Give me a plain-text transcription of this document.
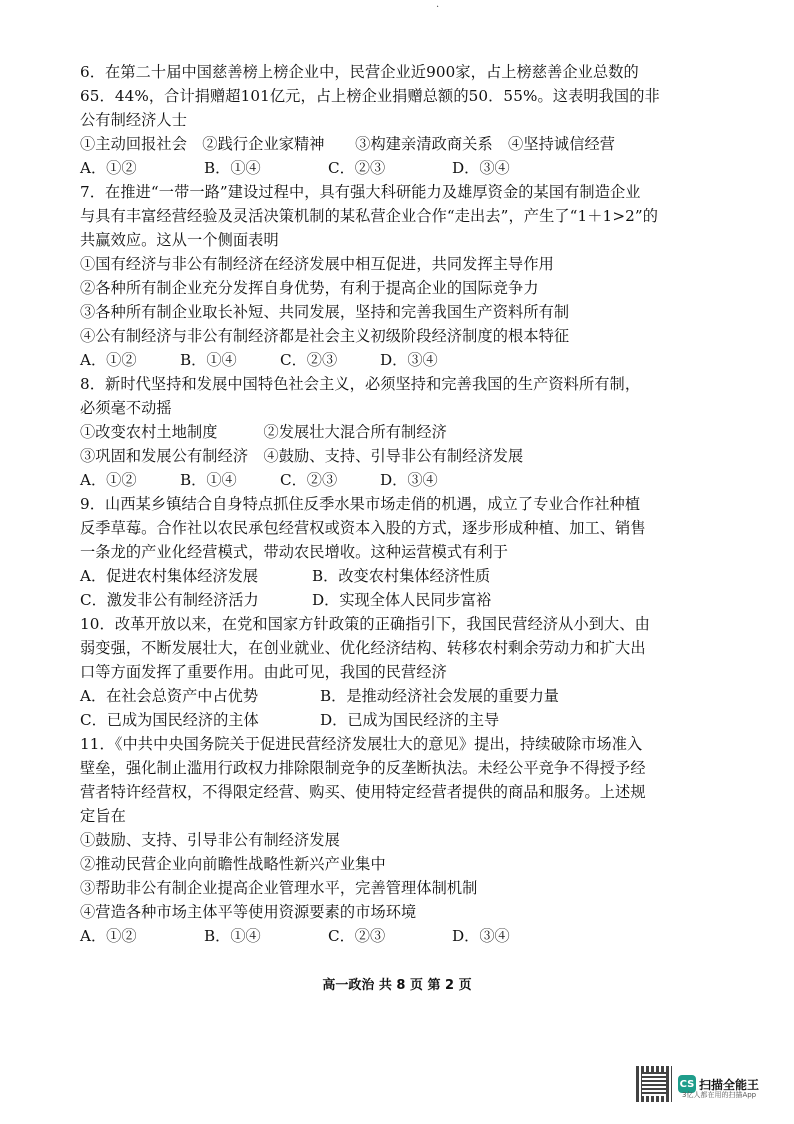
·
6．在第二十届中国慈善榜上榜企业中，民营企业近900家，占上榜慈善企业总数的
65．44%，合计捐赠超101亿元，占上榜企业捐赠总额的50．55%。这表明我国的非
公有制经济人士
①主动回报社会　②践行企业家精神　　③构建亲清政商关系　④坚持诚信经营
A．①②	B．①④	C．②③	D．③④
7．在推进“一带一路”建设过程中，具有强大科研能力及雄厚资金的某国有制造企业
与具有丰富经营经验及灵活决策机制的某私营企业合作“走出去”，产生了“1＋1>2”的
共赢效应。这从一个侧面表明
①国有经济与非公有制经济在经济发展中相互促进，共同发挥主导作用
②各种所有制企业充分发挥自身优势，有利于提高企业的国际竞争力
③各种所有制企业取长补短、共同发展，坚持和完善我国生产资料所有制
④公有制经济与非公有制经济都是社会主义初级阶段经济制度的根本特征
A．①②	B．①④	C．②③	D．③④
8．新时代坚持和发展中国特色社会主义，必须坚持和完善我国的生产资料所有制，
必须毫不动摇
①改变农村土地制度　　　②发展壮大混合所有制经济
③巩固和发展公有制经济　④鼓励、支持、引导非公有制经济发展
A．①②	B．①④	C．②③	D．③④
9．山西某乡镇结合自身特点抓住反季水果市场走俏的机遇，成立了专业合作社种植
反季草莓。合作社以农民承包经营权或资本入股的方式，逐步形成种植、加工、销售
一条龙的产业化经营模式，带动农民增收。这种运营模式有利于
A．促进农村集体经济发展	B．改变农村集体经济性质
C．激发非公有制经济活力	D．实现全体人民同步富裕
10．改革开放以来，在党和国家方针政策的正确指引下，我国民营经济从小到大、由
弱变强，不断发展壮大，在创业就业、优化经济结构、转移农村剩余劳动力和扩大出
口等方面发挥了重要作用。由此可见，我国的民营经济
A．在社会总资产中占优势	B．是推动经济社会发展的重要力量
C．已成为国民经济的主体	D．已成为国民经济的主导
11．《中共中央国务院关于促进民营经济发展壮大的意见》提出，持续破除市场准入
壁垒，强化制止滥用行政权力排除限制竞争的反垄断执法。未经公平竞争不得授予经
营者特许经营权，不得限定经营、购买、使用特定经营者提供的商品和服务。上述规
定旨在
①鼓励、支持、引导非公有制经济发展
②推动民营企业向前瞻性战略性新兴产业集中
③帮助非公有制企业提高企业管理水平，完善管理体制机制
④营造各种市场主体平等使用资源要素的市场环境
A．①②	B．①④	C．②③	D．③④
高一政治 共 8 页 第 2 页
CS 扫描全能王
3亿人都在用的扫描App
